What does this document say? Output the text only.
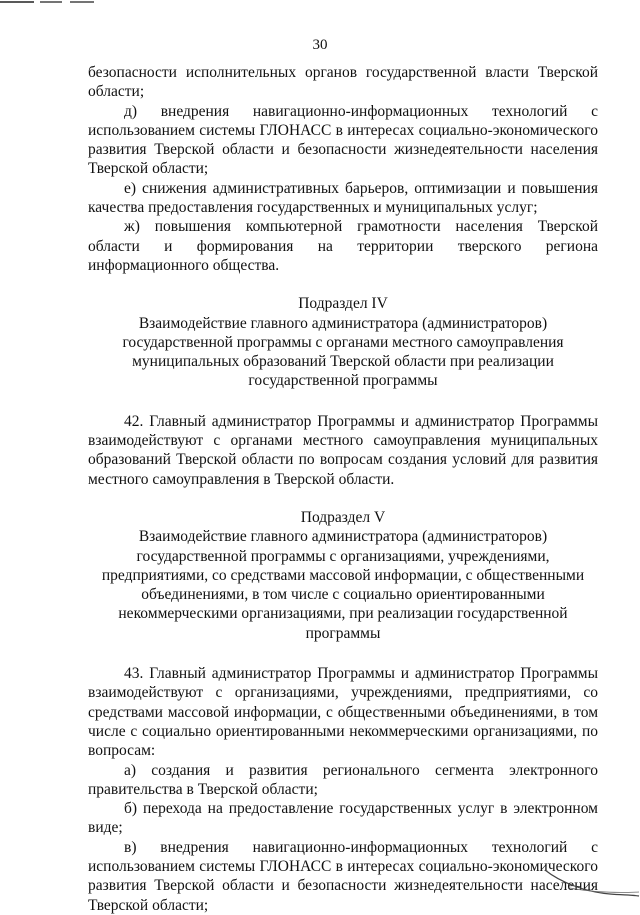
30

безопасности исполнительных органов государственной власти Тверской области;

д) внедрения навигационно-информационных технологий с использованием системы ГЛОНАСС в интересах социально-экономического развития Тверской области и безопасности жизнедеятельности населения Тверской области;

е) снижения административных барьеров, оптимизации и повышения качества предоставления государственных и муниципальных услуг;

ж) повышения компьютерной грамотности населения Тверской области и формирования на территории тверского региона информационного общества.

Подраздел IV

Взаимодействие главного администратора (администраторов) государственной программы с органами местного самоуправления муниципальных образований Тверской области при реализации государственной программы

42. Главный администратор Программы и администратор Программы взаимодействуют с органами местного самоуправления муниципальных образований Тверской области по вопросам создания условий для развития местного самоуправления в Тверской области.

Подраздел V

Взаимодействие главного администратора (администраторов) государственной программы с организациями, учреждениями, предприятиями, со средствами массовой информации, с общественными объединениями, в том числе с социально ориентированными некоммерческими организациями, при реализации государственной программы

43. Главный администратор Программы и администратор Программы взаимодействуют с организациями, учреждениями, предприятиями, со средствами массовой информации, с общественными объединениями, в том числе с социально ориентированными некоммерческими организациями, по вопросам:

а) создания и развития регионального сегмента электронного правительства в Тверской области;

б) перехода на предоставление государственных услуг в электронном виде;

в) внедрения навигационно-информационных технологий с использованием системы ГЛОНАСС в интересах социально-экономического развития Тверской области и безопасности жизнедеятельности населения Тверской области;
